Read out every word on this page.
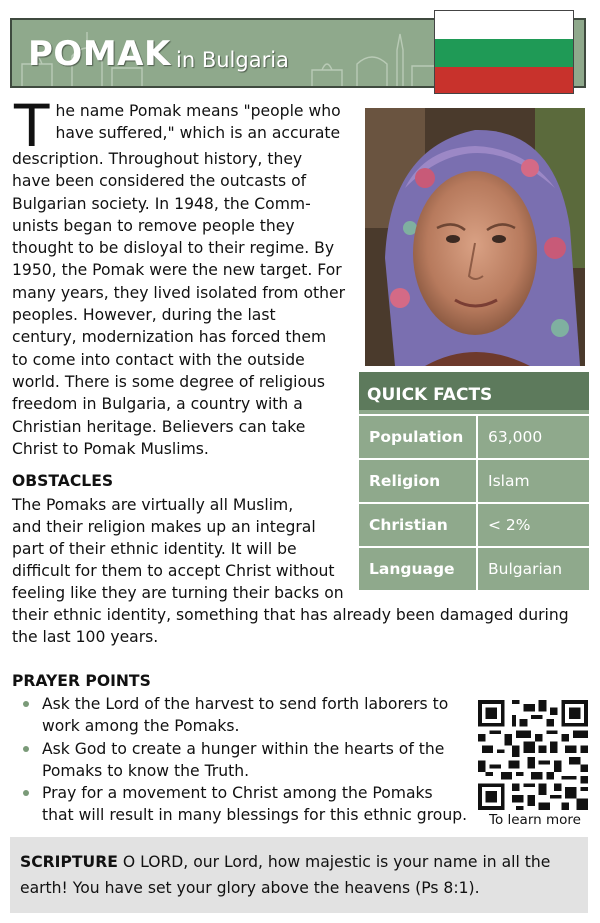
POMAK in Bulgaria
T he name Pomak means "people who
have suffered," which is an accurate
description. Throughout history, they
have been considered the outcasts of
Bulgarian society. In 1948, the Comm-
unists began to remove people they
thought to be disloyal to their regime. By
1950, the Pomak were the new target. For
many years, they lived isolated from other
peoples. However, during the last
century, modernization has forced them
to come into contact with the outside
world. There is some degree of religious
freedom in Bulgaria, a country with a
Christian heritage. Believers can take
Christ to Pomak Muslims.
QUICK FACTS
Population	63,000
Religion	Islam
Christian	< 2%
Language	Bulgarian
OBSTACLES
The Pomaks are virtually all Muslim,
and their religion makes up an integral
part of their ethnic identity. It will be
difficult for them to accept Christ without
feeling like they are turning their backs on
their ethnic identity, something that has already been damaged during
the last 100 years.
PRAYER POINTS
Ask the Lord of the harvest to send forth laborers to
work among the Pomaks.
Ask God to create a hunger within the hearts of the
Pomaks to know the Truth.
Pray for a movement to Christ among the Pomaks
that will result in many blessings for this ethnic group. To learn more
SCRIPTURE O LORD, our Lord, how majestic is your name in all the
earth! You have set your glory above the heavens (Ps 8:1).
